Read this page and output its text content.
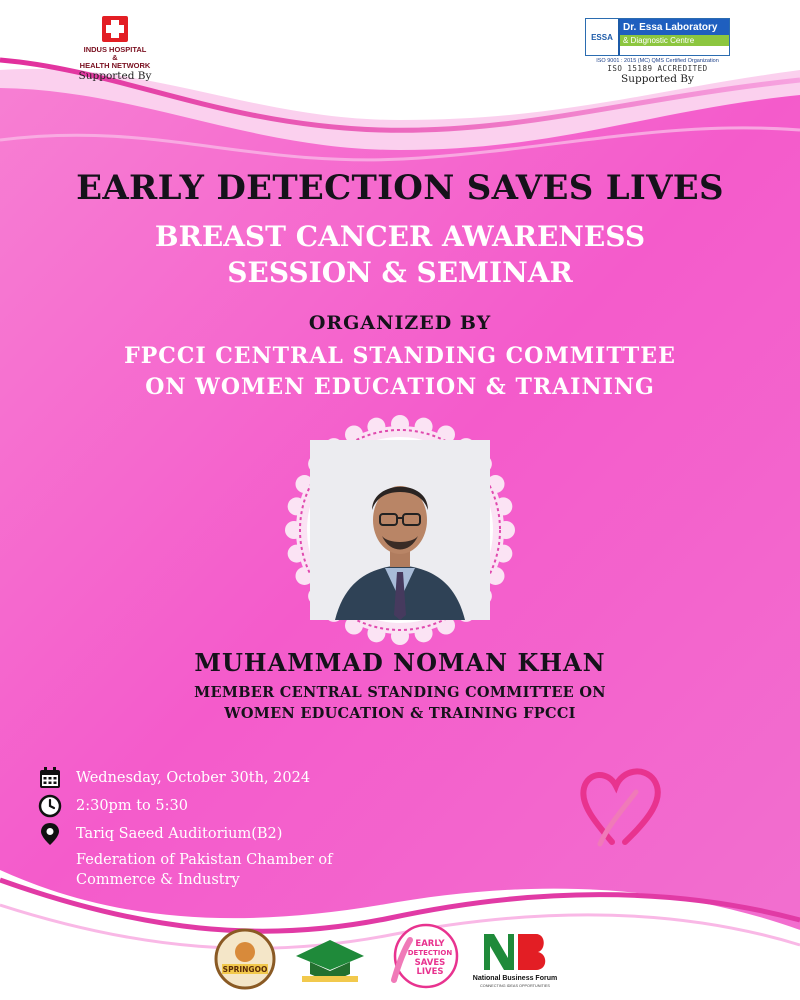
INDUS HOSPITAL
&
HEALTH NETWORK
Supported By
ESSA
Dr. Essa Laboratory
& Diagnostic Centre
ISO 9001 : 2015 (MC) QMS Certified Organization
ISO 15189 ACCREDITED
Supported By
EARLY DETECTION SAVES LIVES
BREAST CANCER AWARENESS
SESSION & SEMINAR
ORGANIZED BY
FPCCI CENTRAL STANDING COMMITTEE
ON WOMEN EDUCATION & TRAINING
MUHAMMAD NOMAN KHAN
MEMBER CENTRAL STANDING COMMITTEE ON
WOMEN EDUCATION & TRAINING FPCCI
Wednesday, October 30th, 2024
2:30pm to 5:30
Tariq Saeed Auditorium(B2)
Federation of Pakistan Chamber of
Commerce & Industry
SPRINGOO
EARLY
DETECTION
SAVES
LIVES
National Business Forum
CONNECTING IDEAS OPPORTUNITIES
